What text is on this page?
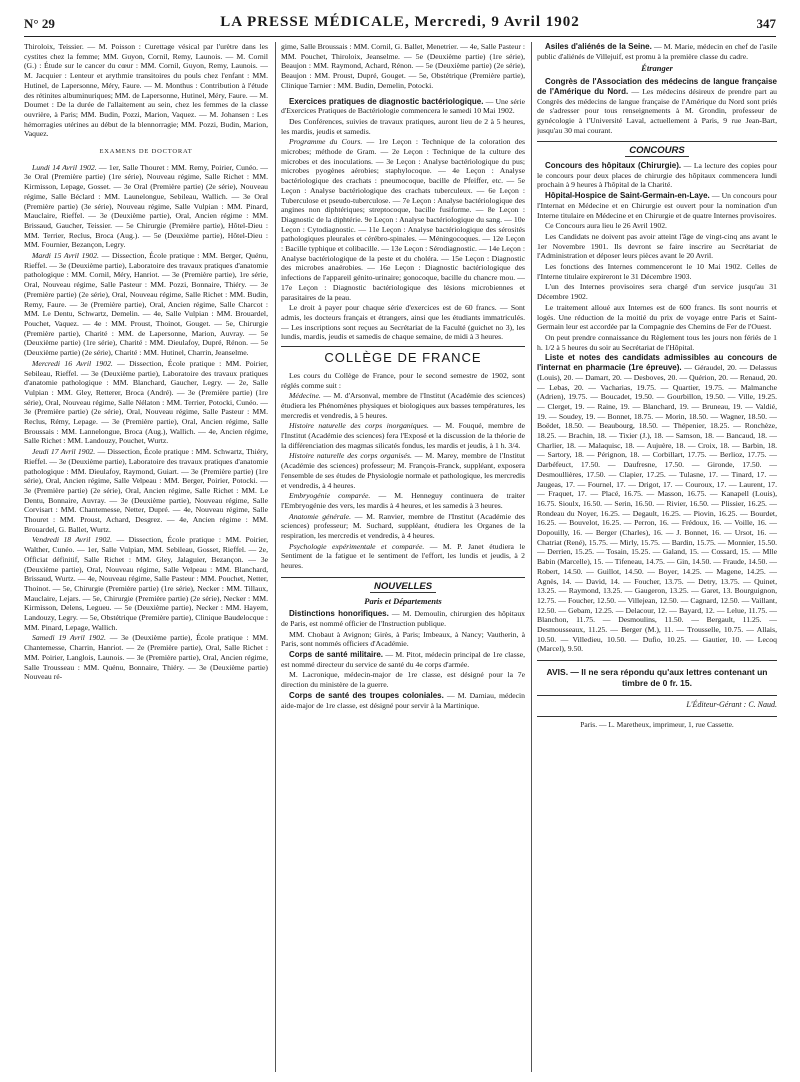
N° 29	LA PRESSE MÉDICALE, Mercredi, 9 Avril 1902	347

Thiroloix, Teissier. — M. Poisson : Curettage vésical par l'urètre dans les cystites chez la femme; MM. Guyon, Cornil, Remy, Launois. — M. Cornil (G.) : Étude sur le cancer du cœur : MM. Cornil, Guyon, Remy, Launois. — M. Jacquier : Lenteur et arythmie transitoires du pouls chez l'enfant : MM. Hutinel, de Lapersonne, Méry, Faure. — M. Monthus : Contribution à l'étude des rétinites albuminuriques; MM. de Lapersonne, Hutinel, Méry, Faure. — M. Doumet : De la durée de l'allaitement au sein, chez les femmes de la classe ouvrière, à Paris; MM. Budin, Pozzi, Marion, Vaquez. — M. Johansen : Les hémorragies utérines au début de la blennorragie; MM. Pozzi, Budin, Marion, Vaquez.

EXAMENS DE DOCTORAT

Lundi 14 Avril 1902. — 1er, Salle Thouret : MM. Remy, Poirier, Cunéo. — 3e Oral (Première partie) (1re série), Nouveau régime, Salle Richet : MM. Kirmisson, Lepage, Gosset. — 3e Oral (Première partie) (2e série), Nouveau régime, Salle Béclard : MM. Launelongue, Sebileau, Wallich. — 3e Oral (Première partie) (3e série), Nouveau régime, Salle Vulpian : MM. Pinard, Mauclaire, Rieffel. — 3e (Deuxième partie), Oral, Ancien régime : MM. Brissaud, Gaucher, Teissier. — 5e Chirurgie (Première partie), Hôtel-Dieu : MM. Terrier, Reclus, Broca (Aug.). — 5e (Deuxième partie), Hôtel-Dieu : MM. Fournier, Bezançon, Legry.

Mardi 15 Avril 1902. — Dissection, École pratique : MM. Berger, Quénu, Rieffel. — 3e (Deuxième partie), Laboratoire des travaux pratiques d'anatomie pathologique : MM. Cornil, Méry, Hanriot. — 3e (Première partie), 1re série, Oral, Nouveau régime, Salle Pasteur : MM. Pozzi, Bonnaire, Thiéry. — 3e (Première partie) (2e série), Oral, Nouveau régime, Salle Richet : MM. Budin, Remy, Faure. — 3e (Première partie), Oral, Ancien régime, Salle Charcot : MM. Le Dentu, Schwartz, Demelin. — 4e, Salle Vulpian : MM. Brouardel, Pouchet, Vaquez. — 4e : MM. Proust, Thoinot, Gouget. — 5e, Chirurgie (Première partie), Charité : MM. de Lapersonne, Marion, Auvray. — 5e (Deuxième partie) (1re série), Charité : MM. Dieulafoy, Dupré, Rénon. — 5e (Deuxième partie) (2e série), Charité : MM. Hutinel, Charrin, Jeanselme.

Mercredi 16 Avril 1902. — Dissection, École pratique : MM. Poirier, Sebileau, Rieffel. — 3e (Deuxième partie), Laboratoire des travaux pratiques d'anatomie pathologique : MM. Blanchard, Gaucher, Legry. — 2e, Salle Vulpian : MM. Gley, Retterer, Broca (André). — 3e (Première partie) (1re série), Oral, Nouveau régime, Salle Nélaton : MM. Terrier, Potocki, Cunéo. — 3e (Première partie) (2e série), Oral, Nouveau régime, Salle Pasteur : MM. Reclus, Rémy, Lepage. — 3e (Première partie), Oral, Ancien régime, Salle Broussais : MM. Lannelongue, Broca (Aug.), Wallich. — 4e, Ancien régime, Salle Richet : MM. Landouzy, Pouchet, Wurtz.

Jeudi 17 Avril 1902. — Dissection, École pratique : MM. Schwartz, Thiéry, Rieffel. — 3e (Deuxième partie), Laboratoire des travaux pratiques d'anatomie pathologique : MM. Dieulafoy, Raymond, Guiart. — 3e (Première partie) (1re série), Oral, Ancien régime, Salle Velpeau : MM. Berger, Poirier, Potocki. — 3e (Première partie) (2e série), Oral, Ancien régime, Salle Richet : MM. Le Dentu, Bonnaire, Auvray. — 3e (Deuxième partie), Nouveau régime, Salle Corvisart : MM. Chantemesse, Netter, Dupré. — 4e, Nouveau régime, Salle Thouret : MM. Proust, Achard, Desgrez. — 4e, Ancien régime : MM. Brouardel, G. Ballet, Wurtz.

Vendredi 18 Avril 1902. — Dissection, École pratique : MM. Poirier, Walther, Cunéo. — 1er, Salle Vulpian, MM. Sebileau, Gosset, Rieffel. — 2e, Officiat définitif, Salle Richet : MM. Gley, Jalaguier, Bezançon. — 3e (Deuxième partie), Oral, Nouveau régime, Salle Velpeau : MM. Blanchard, Brissaud, Wurtz. — 4e, Nouveau régime, Salle Pasteur : MM. Pouchet, Netter, Thoinot. — 5e, Chirurgie (Première partie) (1re série), Necker : MM. Tillaux, Mauclaire, Lejars. — 5e, Chirurgie (Première partie) (2e série), Necker : MM. Kirmisson, Delens, Legueu. — 5e (Deuxième partie), Necker : MM. Hayem, Landouzy, Legry. — 5e, Obstétrique (Première partie), Clinique Baudelocque : MM. Pinard, Lepage, Wallich.

Samedi 19 Avril 1902. — 3e (Deuxième partie), École pratique : MM. Chantemesse, Charrin, Hanriot. — 2e (Première partie), Oral, Salle Richet : MM. Poirier, Langlois, Launois. — 3e (Première partie), Oral, Ancien régime, Salle Trousseau : MM. Quénu, Bonnaire, Thiéry. — 3e (Deuxième partie) Nouveau ré-

gime, Salle Broussais : MM. Cornil, G. Ballet, Menetrier. — 4e, Salle Pasteur : MM. Pouchet, Thiroloix, Jeanselme. — 5e (Deuxième partie) (1re série), Beaujon : MM. Raymond, Achard, Rénon. — 5e (Deuxième partie) (2e série), Beaujon : MM. Proust, Dupré, Gouget. — 5e, Obstétrique (Première partie), Clinique Tarnier : MM. Budin, Demelin, Potocki.

Exercices pratiques de diagnostic bactériologique. — Une série d'Exercices Pratiques de Bactériologie commencera le samedi 10 Mai 1902.

Des Conférences, suivies de travaux pratiques, auront lieu de 2 à 5 heures, les mardis, jeudis et samedis.

Programme du Cours. — 1re Leçon : Technique de la coloration des microbes; méthode de Gram. — 2e Leçon : Technique de la culture des microbes et des inoculations. — 3e Leçon : Analyse bactériologique du pus; microbes pyogènes aérobies; staphylocoque. — 4e Leçon : Analyse bactériologique des crachats : pneumocoque, bacille de Pfeiffer, etc. — 5e Leçon : Analyse bactériologique des crachats tuberculeux. — 6e Leçon : Tuberculose et pseudo-tuberculose. — 7e Leçon : Analyse bactériologique des angines non diphtériques; streptocoque, bacille fusiforme. — 8e Leçon : Diagnostic de la diphtérie. 9e Leçon : Analyse bactériologique du sang. — 10e Leçon : Cytodiagnostic. — 11e Leçon : Analyse bactériologique des sérosités pathologiques pleurales et cérébro-spinales. — Méningocoques. — 12e Leçon : Bacille typhique et colibacille. — 13e Leçon : Sérodiagnostic. — 14e Leçon : Analyse bactériologique de la peste et du choléra. — 15e Leçon : Diagnostic des microbes anaérobies. — 16e Leçon : Diagnostic bactériologique des infections de l'appareil génito-urinaire; gonocoque, bacille du chancre mou. — 17e Leçon : Diagnostic bactériologique des lésions microbiennes et parasitaires de la peau.

Le droit à payer pour chaque série d'exercices est de 60 francs. — Sont admis, les docteurs français et étrangers, ainsi que les étudiants immatriculés. — Les inscriptions sont reçues au Secrétariat de la Faculté (guichet no 3), les lundis, mardis, jeudis et samedis de chaque semaine, de midi à 3 heures.

COLLÈGE DE FRANCE

Les cours du Collège de France, pour le second semestre de 1902, sont réglés comme suit :

Médecine. — M. d'Arsonval, membre de l'Institut (Académie des sciences) étudiera les Phénomènes physiques et biologiques aux basses températures, les mercredis et vendredis, à 5 heures.

Histoire naturelle des corps inorganiques. — M. Fouqué, membre de l'Institut (Académie des sciences) fera l'Exposé et la discussion de la théorie de la différenciation des magmas silicatés fondus, les mardis et jeudis, à 1 h. 3/4.

Histoire naturelle des corps organisés. — M. Marey, membre de l'Institut (Académie des sciences) professeur; M. François-Franck, suppléant, exposera l'ensemble de ses études de Physiologie normale et pathologique, les mercredis et vendredis, à 4 heures.

Embryogénie comparée. — M. Henneguy continuera de traiter l'Embryogénie des vers, les mardis à 4 heures, et les samedis à 3 heures.

Anatomie générale. — M. Ranvier, membre de l'Institut (Académie des sciences) professeur; M. Suchard, suppléant, étudiera les Organes de la respiration, les mercredis et vendredis, à 4 heures.

Psychologie expérimentale et comparée. — M. P. Janet étudiera le Sentiment de la fatigue et le sentiment de l'effort, les lundis et jeudis, à 2 heures.

NOUVELLES
Paris et Départements

Distinctions honorifiques. — M. Demoulin, chirurgien des hôpitaux de Paris, est nommé officier de l'Instruction publique.

MM. Chobaut à Avignon; Girès, à Paris; Imbeaux, à Nancy; Vautherin, à Paris, sont nommés officiers d'Académie.

Corps de santé militaire. — M. Pitot, médecin principal de 1re classe, est nommé directeur du service de santé du 4e corps d'armée.

M. Lacronique, médecin-major de 1re classe, est désigné pour la 7e direction du ministère de la guerre.

Corps de santé des troupes coloniales. — M. Damiau, médecin aide-major de 1re classe, est désigné pour servir à la Martinique.

Asiles d'aliénés de la Seine. — M. Marie, médecin en chef de l'asile public d'aliénés de Villejuif, est promu à la première classe du cadre.

Étranger

Congrès de l'Association des médecins de langue française de l'Amérique du Nord. — Les médecins désireux de prendre part au Congrès des médecins de langue française de l'Amérique du Nord sont priés de s'adresser pour tous renseignements à M. Grondin, professeur de gynécologie à l'Université Laval, actuellement à Paris, 9 rue Jean-Bart, jusqu'au 30 mai courant.

CONCOURS

Concours des hôpitaux (Chirurgie). — La lecture des copies pour le concours pour deux places de chirurgie des hôpitaux commencera lundi prochain à 9 heures à l'hôpital de la Charité.

Hôpital-Hospice de Saint-Germain-en-Laye. — Un concours pour l'Internat en Médecine et en Chirurgie est ouvert pour la nomination d'un Interne titulaire en Médecine et en Chirurgie et de quatre Internes provisoires.

Ce Concours aura lieu le 26 Avril 1902.

Les Candidats ne doivent pas avoir atteint l'âge de vingt-cinq ans avant le 1er Novembre 1901. Ils devront se faire inscrire au Secrétariat de l'Administration et déposer leurs pièces avant le 20 Avril.

Les fonctions des Internes commenceront le 10 Mai 1902. Celles de l'Interne titulaire expireront le 31 Décembre 1903.

L'un des Internes provisoires sera chargé d'un service jusqu'au 31 Décembre 1902.

Le traitement alloué aux Internes est de 600 francs. Ils sont nourris et logés. Une réduction de la moitié du prix de voyage entre Paris et Saint-Germain leur est accordée par la Compagnie des Chemins de Fer de l'Ouest.

On peut prendre connaissance du Règlement tous les jours non fériés de 1 h. 1/2 à 5 heures du soir au Secrétariat de l'Hôpital.

Liste et notes des candidats admissibles au concours de l'internat en pharmacie (1re épreuve). — Géraudel, 20. — Delassus (Louis), 20. — Damart, 20. — Desboves, 20. — Quérion, 20. — Renaud, 20. — Lebas, 20. — Vacharias, 19.75. — Quartier, 19.75. — Malmanche (Adrien), 19.75. — Boucadet, 19.50. — Gourbillon, 19.50. — Ville, 19.25. — Clerget, 19. — Raine, 19. — Blanchard, 19. — Bruneau, 19. — Valdié, 19. — Soudey, 19. — Bonnet, 18.75. — Morin, 18.50. — Wagner, 18.50. — Boëdet, 18.50. — Beaubourg, 18.50. — Thépenier, 18.25. — Ronchèze, 18.25. — Brachin, 18. — Tixier (J.), 18. — Samson, 18. — Bancaud, 18. — Charlier, 18. — Malaquisc, 18. — Aujuère, 18. — Croix, 18. — Barbin, 18. — Sartory, 18. — Pérignon, 18. — Corbillart, 17.75. — Berlioz, 17.75. — Darbéfeuct, 17.50. — Daufresne, 17.50. — Gironde, 17.50. — Desmoullières, 17.50. — Clapier, 17.25. — Tulasne, 17. — Tinard, 17. — Jaugeas, 17. — Fournel, 17. — Drigot, 17. — Couroux, 17. — Laurent, 17. — Fraquet, 17. — Placé, 16.75. — Masson, 16.75. — Kanapell (Louis), 16.75. Sioulx, 16.50. — Serin, 16.50. — Rivier, 16.50. — Plissier, 16.25. — Rondeau du Noyer, 16.25. — Degault, 16.25. — Piovin, 16.25. — Bourdet, 16.25. — Bouvelot, 16.25. — Perron, 16. — Frédoux, 16. — Voille, 16. — Dopouilly, 16. — Berger (Charles), 16. — J. Bonnet, 16. — Ursot, 16. — Chatriat (René), 15.75. — Mirly, 15.75. — Bardin, 15.75. — Monnier, 15.50. — Derrien, 15.25. — Tosain, 15.25. — Galand, 15. — Cossard, 15. — Mlle Babin (Marcelle), 15. — Tifeneau, 14.75. — Gin, 14.50. — Fraude, 14.50. — Robert, 14.50. — Guillot, 14.50. — Boyer, 14.25. — Magene, 14.25. — Agnès, 14. — David, 14. — Foucher, 13.75. — Detry, 13.75. — Quinet, 13.25. — Raymond, 13.25. — Gaugeron, 13.25. — Garet, 13. Bourguignon, 12.75. — Foucher, 12.50. — Villejean, 12.50. — Cagnard, 12.50. — Vaillant, 12.50. — Gebam, 12.25. — Delacour, 12. — Bayard, 12. — Lelue, 11.75. — Blanchon, 11.75. — Desmoulins, 11.50. — Bergault, 11.25. — Desmousseaux, 11.25. — Berger (M.), 11. — Trousselle, 10.75. — Allais, 10.50. — Villedieu, 10.50. — Dufio, 10.25. — Gautier, 10. — Lecoq (Marcel), 9.50.

AVIS. — Il ne sera répondu qu'aux lettres contenant un timbre de 0 fr. 15.
L'Éditeur-Gérant : C. Naud.
Paris. — L. Maretheux, imprimeur, 1, rue Cassette.
